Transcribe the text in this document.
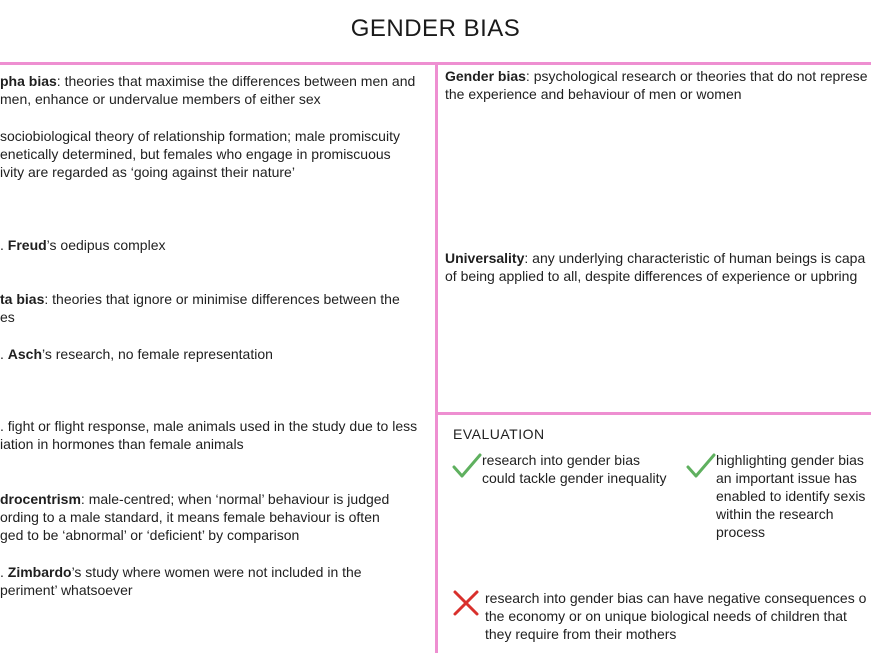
GENDER BIAS
pha bias: theories that maximise the differences between men and
men, enhance or undervalue members of either sex
sociobiological theory of relationship formation; male promiscuity
enetically determined, but females who engage in promiscuous
ivity are regarded as ‘going against their nature’
. Freud’s oedipus complex
ta bias: theories that ignore or minimise differences between the
es
. Asch’s research, no female representation
. fight or flight response, male animals used in the study due to less
iation in hormones than female animals
drocentrism: male-centred; when ‘normal’ behaviour is judged
ording to a male standard, it means female behaviour is often
ged to be ‘abnormal’ or ‘deficient’ by comparison
. Zimbardo’s study where women were not included in the
periment’ whatsoever
Gender bias: psychological research or theories that do not represe
the experience and behaviour of men or women
Universality: any underlying characteristic of human beings is capa
of being applied to all, despite differences of experience or upbring
EVALUATION
research into gender bias
could tackle gender inequality
highlighting gender bias
an important issue has
enabled to identify sexis
within the research
process
research into gender bias can have negative consequences o
the economy or on unique biological needs of children that
they require from their mothers
